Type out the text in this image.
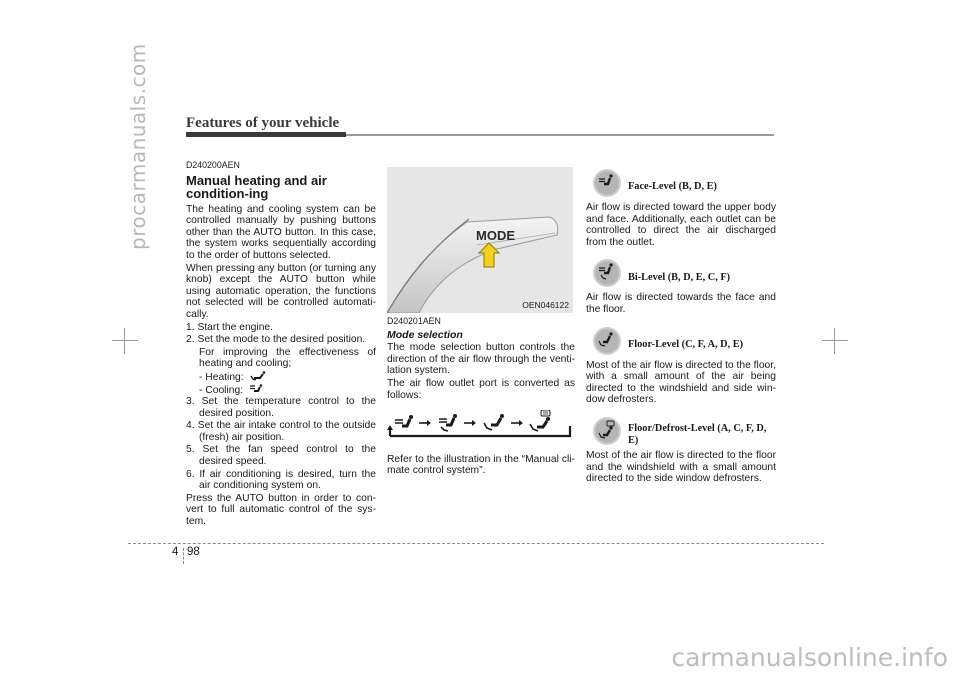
procarmanuals.com
carmanualsonline.info
Features of your vehicle
D240200AEN
Manual heating and air condition-ing

The heating and cooling system can be controlled manually by pushing buttons other than the AUTO button. In this case, the system works sequentially according to the order of buttons selected.

When pressing any button (or turning any knob) except the AUTO button while using automatic operation, the functions not selected will be controlled automati-cally.

1. Start the engine.

2. Set the mode to the desired position.

For improving the effectiveness of heating and cooling;

- Heating:
- Cooling:

3. Set the temperature control to the desired position.

4. Set the air intake control to the outside (fresh) air position.

5. Set the fan speed control to the desired speed.

6. If air conditioning is desired, turn the air conditioning system on.

Press the AUTO button in order to con-vert to full automatic control of the sys-tem.

MODE
OEN046122
D240201AEN
Mode selection

The mode selection button controls the direction of the air flow through the venti-lation system.

The air flow outlet port is converted as follows:

Refer to the illustration in the “Manual cli-mate control system”.

Face-Level (B, D, E)

Air flow is directed toward the upper body and face. Additionally, each outlet can be controlled to direct the air discharged from the outlet.

Bi-Level (B, D, E, C, F)

Air flow is directed towards the face and the floor.

Floor-Level (C, F, A, D, E)

Most of the air flow is directed to the floor, with a small amount of the air being directed to the windshield and side win-dow defrosters.

Floor/Defrost-Level (A, C, F, D, E)

Most of the air flow is directed to the floor and the windshield with a small amount directed to the side window defrosters.

4 98
